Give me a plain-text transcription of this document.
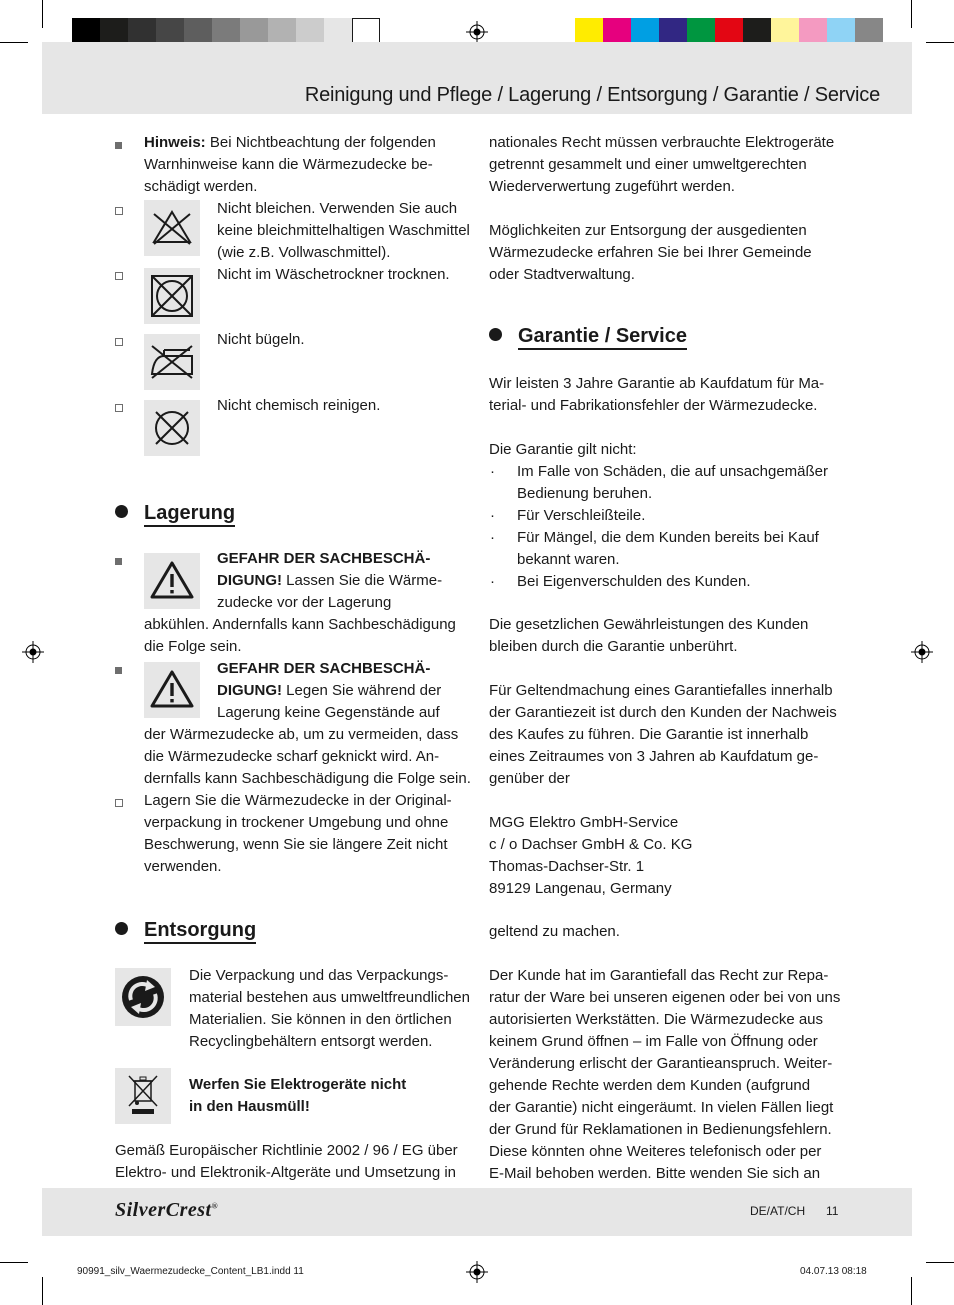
Reinigung und Pflege / Lagerung / Entsorgung / Garantie / Service
Hinweis: Bei Nichtbeachtung der folgenden
Warnhinweise kann die Wärmezudecke be-
schädigt werden.
Nicht bleichen. Verwenden Sie auch
keine bleichmittelhaltigen Waschmittel
(wie z.B. Vollwaschmittel).
Nicht im Wäschetrockner trocknen.
Nicht bügeln.
Nicht chemisch reinigen.
Lagerung
GEFAHR DER SACHBESCHÄ-
DIGUNG! Lassen Sie die Wärme-
zudecke vor der Lagerung
abkühlen. Andernfalls kann Sachbeschädigung
die Folge sein.
GEFAHR DER SACHBESCHÄ-
DIGUNG! Legen Sie während der
Lagerung keine Gegenstände auf
der Wärmezudecke ab, um zu vermeiden, dass
die Wärmezudecke scharf geknickt wird. An-
dernfalls kann Sachbeschädigung die Folge sein.
Lagern Sie die Wärmezudecke in der Original-
verpackung in trockener Umgebung und ohne
Beschwerung, wenn Sie sie längere Zeit nicht
verwenden.
Entsorgung
Die Verpackung und das Verpackungs-
material bestehen aus umweltfreundlichen
Materialien. Sie können in den örtlichen
Recyclingbehältern entsorgt werden.
Werfen Sie Elektrogeräte nicht
in den Hausmüll!
Gemäß Europäischer Richtlinie 2002 / 96 / EG über
Elektro- und Elektronik-Altgeräte und Umsetzung in
nationales Recht müssen verbrauchte Elektrogeräte
getrennt gesammelt und einer umweltgerechten
Wiederverwertung zugeführt werden.
Möglichkeiten zur Entsorgung der ausgedienten
Wärmezudecke erfahren Sie bei Ihrer Gemeinde
oder Stadtverwaltung.
Garantie / Service
Wir leisten 3 Jahre Garantie ab Kaufdatum für Ma-
terial- und Fabrikationsfehler der Wärmezudecke.
Die Garantie gilt nicht:
· Im Falle von Schäden, die auf unsachgemäßer
Bedienung beruhen.
· Für Verschleißteile.
· Für Mängel, die dem Kunden bereits bei Kauf
bekannt waren.
· Bei Eigenverschulden des Kunden.
Die gesetzlichen Gewährleistungen des Kunden
bleiben durch die Garantie unberührt.
Für Geltendmachung eines Garantiefalles innerhalb
der Garantiezeit ist durch den Kunden der Nachweis
des Kaufes zu führen. Die Garantie ist innerhalb
eines Zeitraumes von 3 Jahren ab Kaufdatum ge-
genüber der
MGG Elektro GmbH-Service
c / o Dachser GmbH & Co. KG
Thomas-Dachser-Str. 1
89129 Langenau, Germany
geltend zu machen.
Der Kunde hat im Garantiefall das Recht zur Repa-
ratur der Ware bei unseren eigenen oder bei von uns
autorisierten Werkstätten. Die Wärmezudecke aus
keinem Grund öffnen – im Falle von Öffnung oder
Veränderung erlischt der Garantieanspruch. Weiter-
gehende Rechte werden dem Kunden (aufgrund
der Garantie) nicht eingeräumt. In vielen Fällen liegt
der Grund für Reklamationen in Bedienungsfehlern.
Diese könnten ohne Weiteres telefonisch oder per
E-Mail behoben werden. Bitte wenden Sie sich an
SilverCrest®	DE/AT/CH 11
90991_silv_Waermezudecke_Content_LB1.indd 11	04.07.13 08:18
